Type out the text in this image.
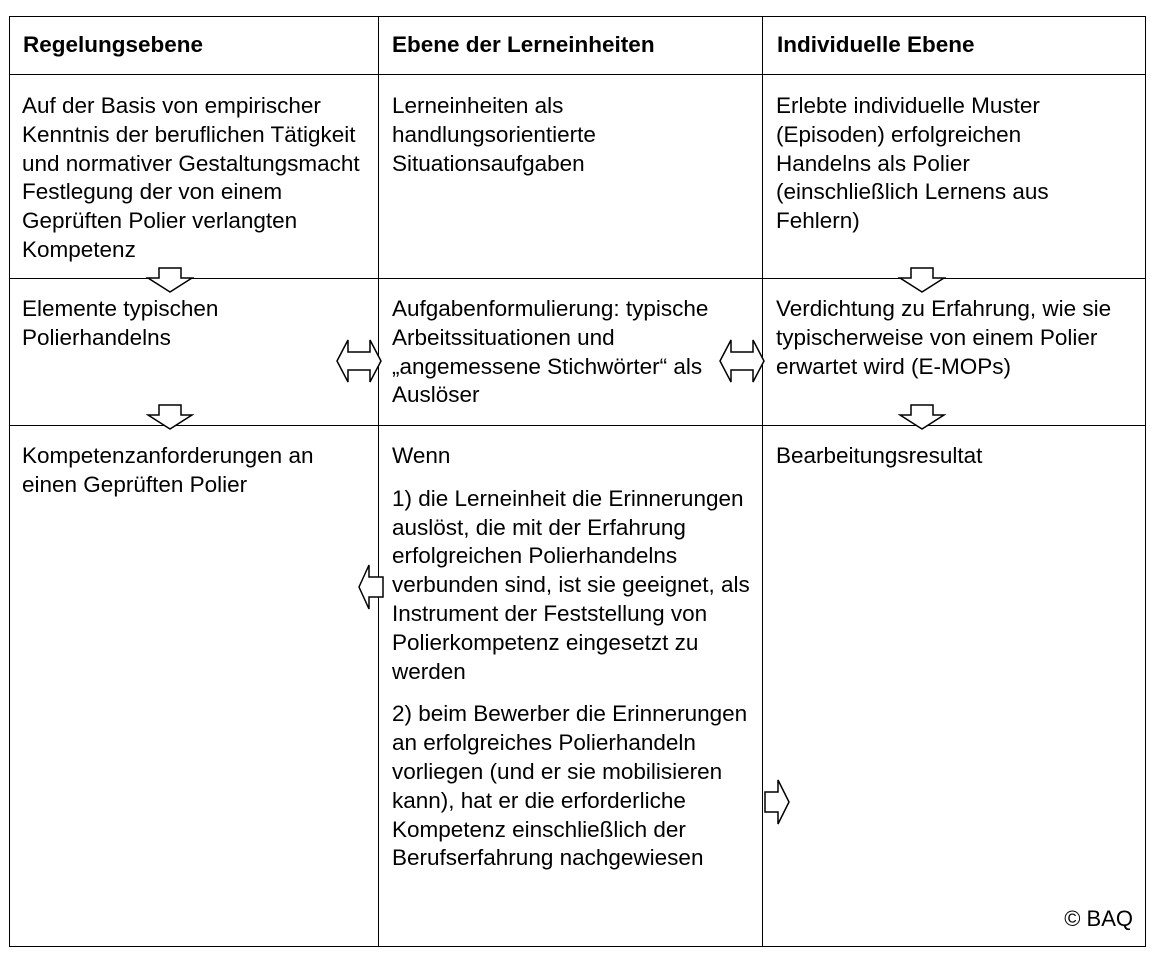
Regelungsebene	Ebene der Lerneinheiten	Individuelle Ebene
Auf der Basis von empirischer Kenntnis der beruflichen Tätigkeit und normativer Gestaltungsmacht Festlegung der von einem Geprüften Polier verlangten Kompetenz
Lerneinheiten als handlungsorientierte Situationsaufgaben
Erlebte individuelle Muster (Episoden) erfolgreichen Handelns als Polier (einschließlich Lernens aus Fehlern)
Elemente typischen Polierhandelns
Aufgabenformulierung: typische Arbeitssituationen und „angemessene Stichwörter“ als Auslöser
Verdichtung zu Erfahrung, wie sie typischerweise von einem Polier erwartet wird (E-MOPs)
Kompetenzanforderungen an einen Geprüften Polier

Wenn

1) die Lerneinheit die Erinnerungen auslöst, die mit der Erfahrung erfolgreichen Polierhandelns verbunden sind, ist sie geeignet, als Instrument der Feststellung von Polierkompetenz eingesetzt zu werden

2) beim Bewerber die Erinnerungen an erfolgreiches Polierhandeln vorliegen (und er sie mobilisieren kann), hat er die erforderliche Kompetenz einschließlich der Berufserfahrung nachgewiesen

Bearbeitungsresultat
© BAQ
